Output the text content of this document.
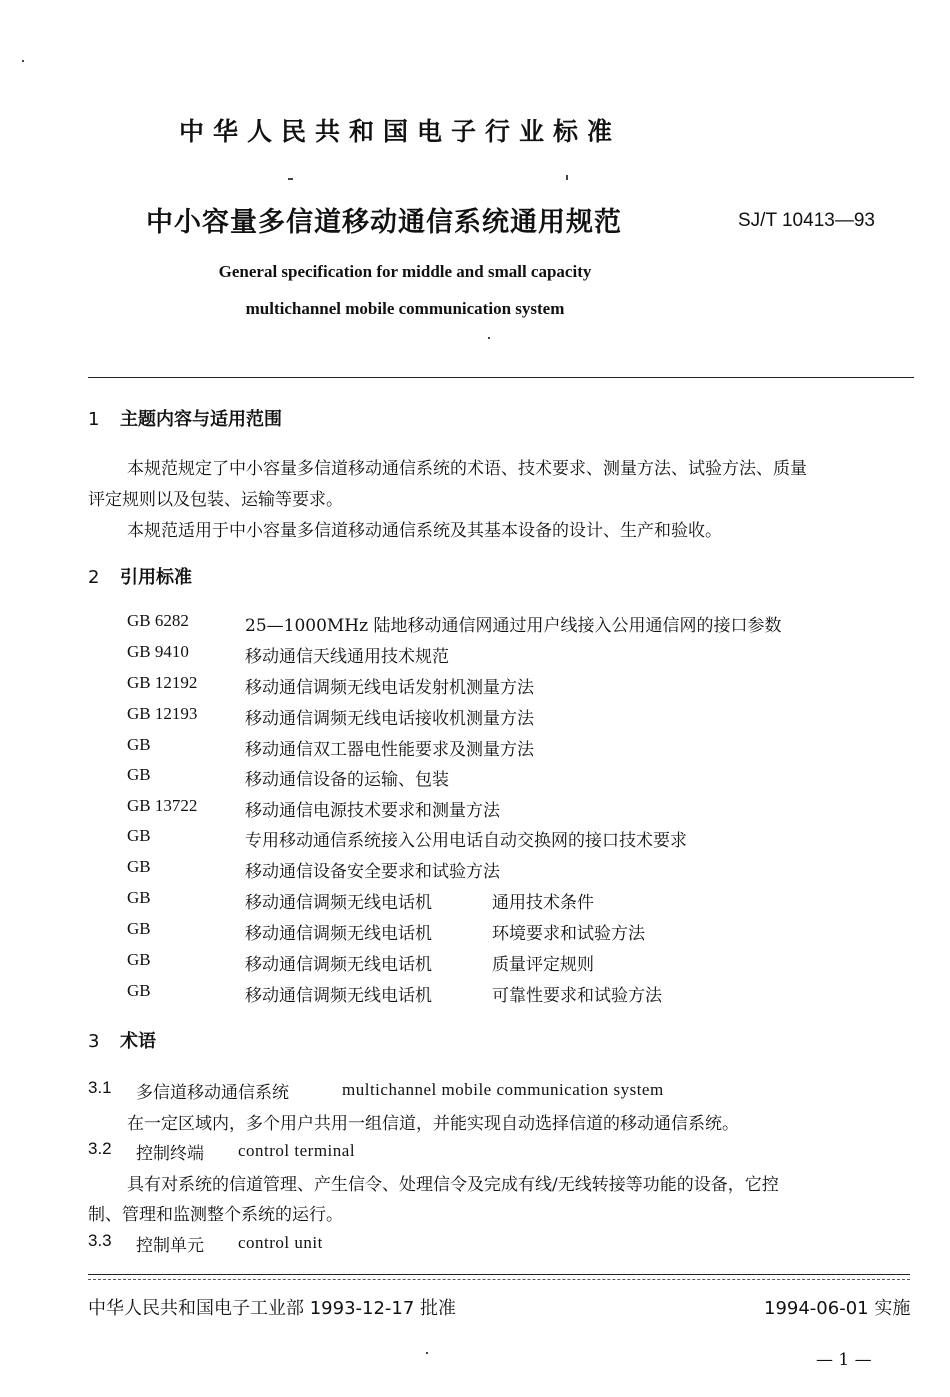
中华人民共和国电子行业标准
中小容量多信道移动通信系统通用规范	SJ/T 10413—93
General specification for middle and small capacity
multichannel mobile communication system
1 主题内容与适用范围
本规范规定了中小容量多信道移动通信系统的术语、技术要求、测量方法、试验方法、质量
评定规则以及包装、运输等要求。
本规范适用于中小容量多信道移动通信系统及其基本设备的设计、生产和验收。
2 引用标准
GB 6282	25—1000MHz 陆地移动通信网通过用户线接入公用通信网的接口参数
GB 9410	移动通信天线通用技术规范
GB 12192	移动通信调频无线电话发射机测量方法
GB 12193	移动通信调频无线电话接收机测量方法
GB	移动通信双工器电性能要求及测量方法
GB	移动通信设备的运输、包装
GB 13722	移动通信电源技术要求和测量方法
GB	专用移动通信系统接入公用电话自动交换网的接口技术要求
GB	移动通信设备安全要求和试验方法
GB	移动通信调频无线电话机	通用技术条件
GB	移动通信调频无线电话机	环境要求和试验方法
GB	移动通信调频无线电话机	质量评定规则
GB	移动通信调频无线电话机	可靠性要求和试验方法
3 术语
3.1 多信道移动通信系统	multichannel mobile communication system
在一定区域内，多个用户共用一组信道，并能实现自动选择信道的移动通信系统。
3.2 控制终端 control terminal
具有对系统的信道管理、产生信令、处理信令及完成有线/无线转接等功能的设备，它控
制、管理和监测整个系统的运行。
3.3 控制单元 control unit
中华人民共和国电子工业部 1993-12-17 批准	1994-06-01 实施
— 1 —
